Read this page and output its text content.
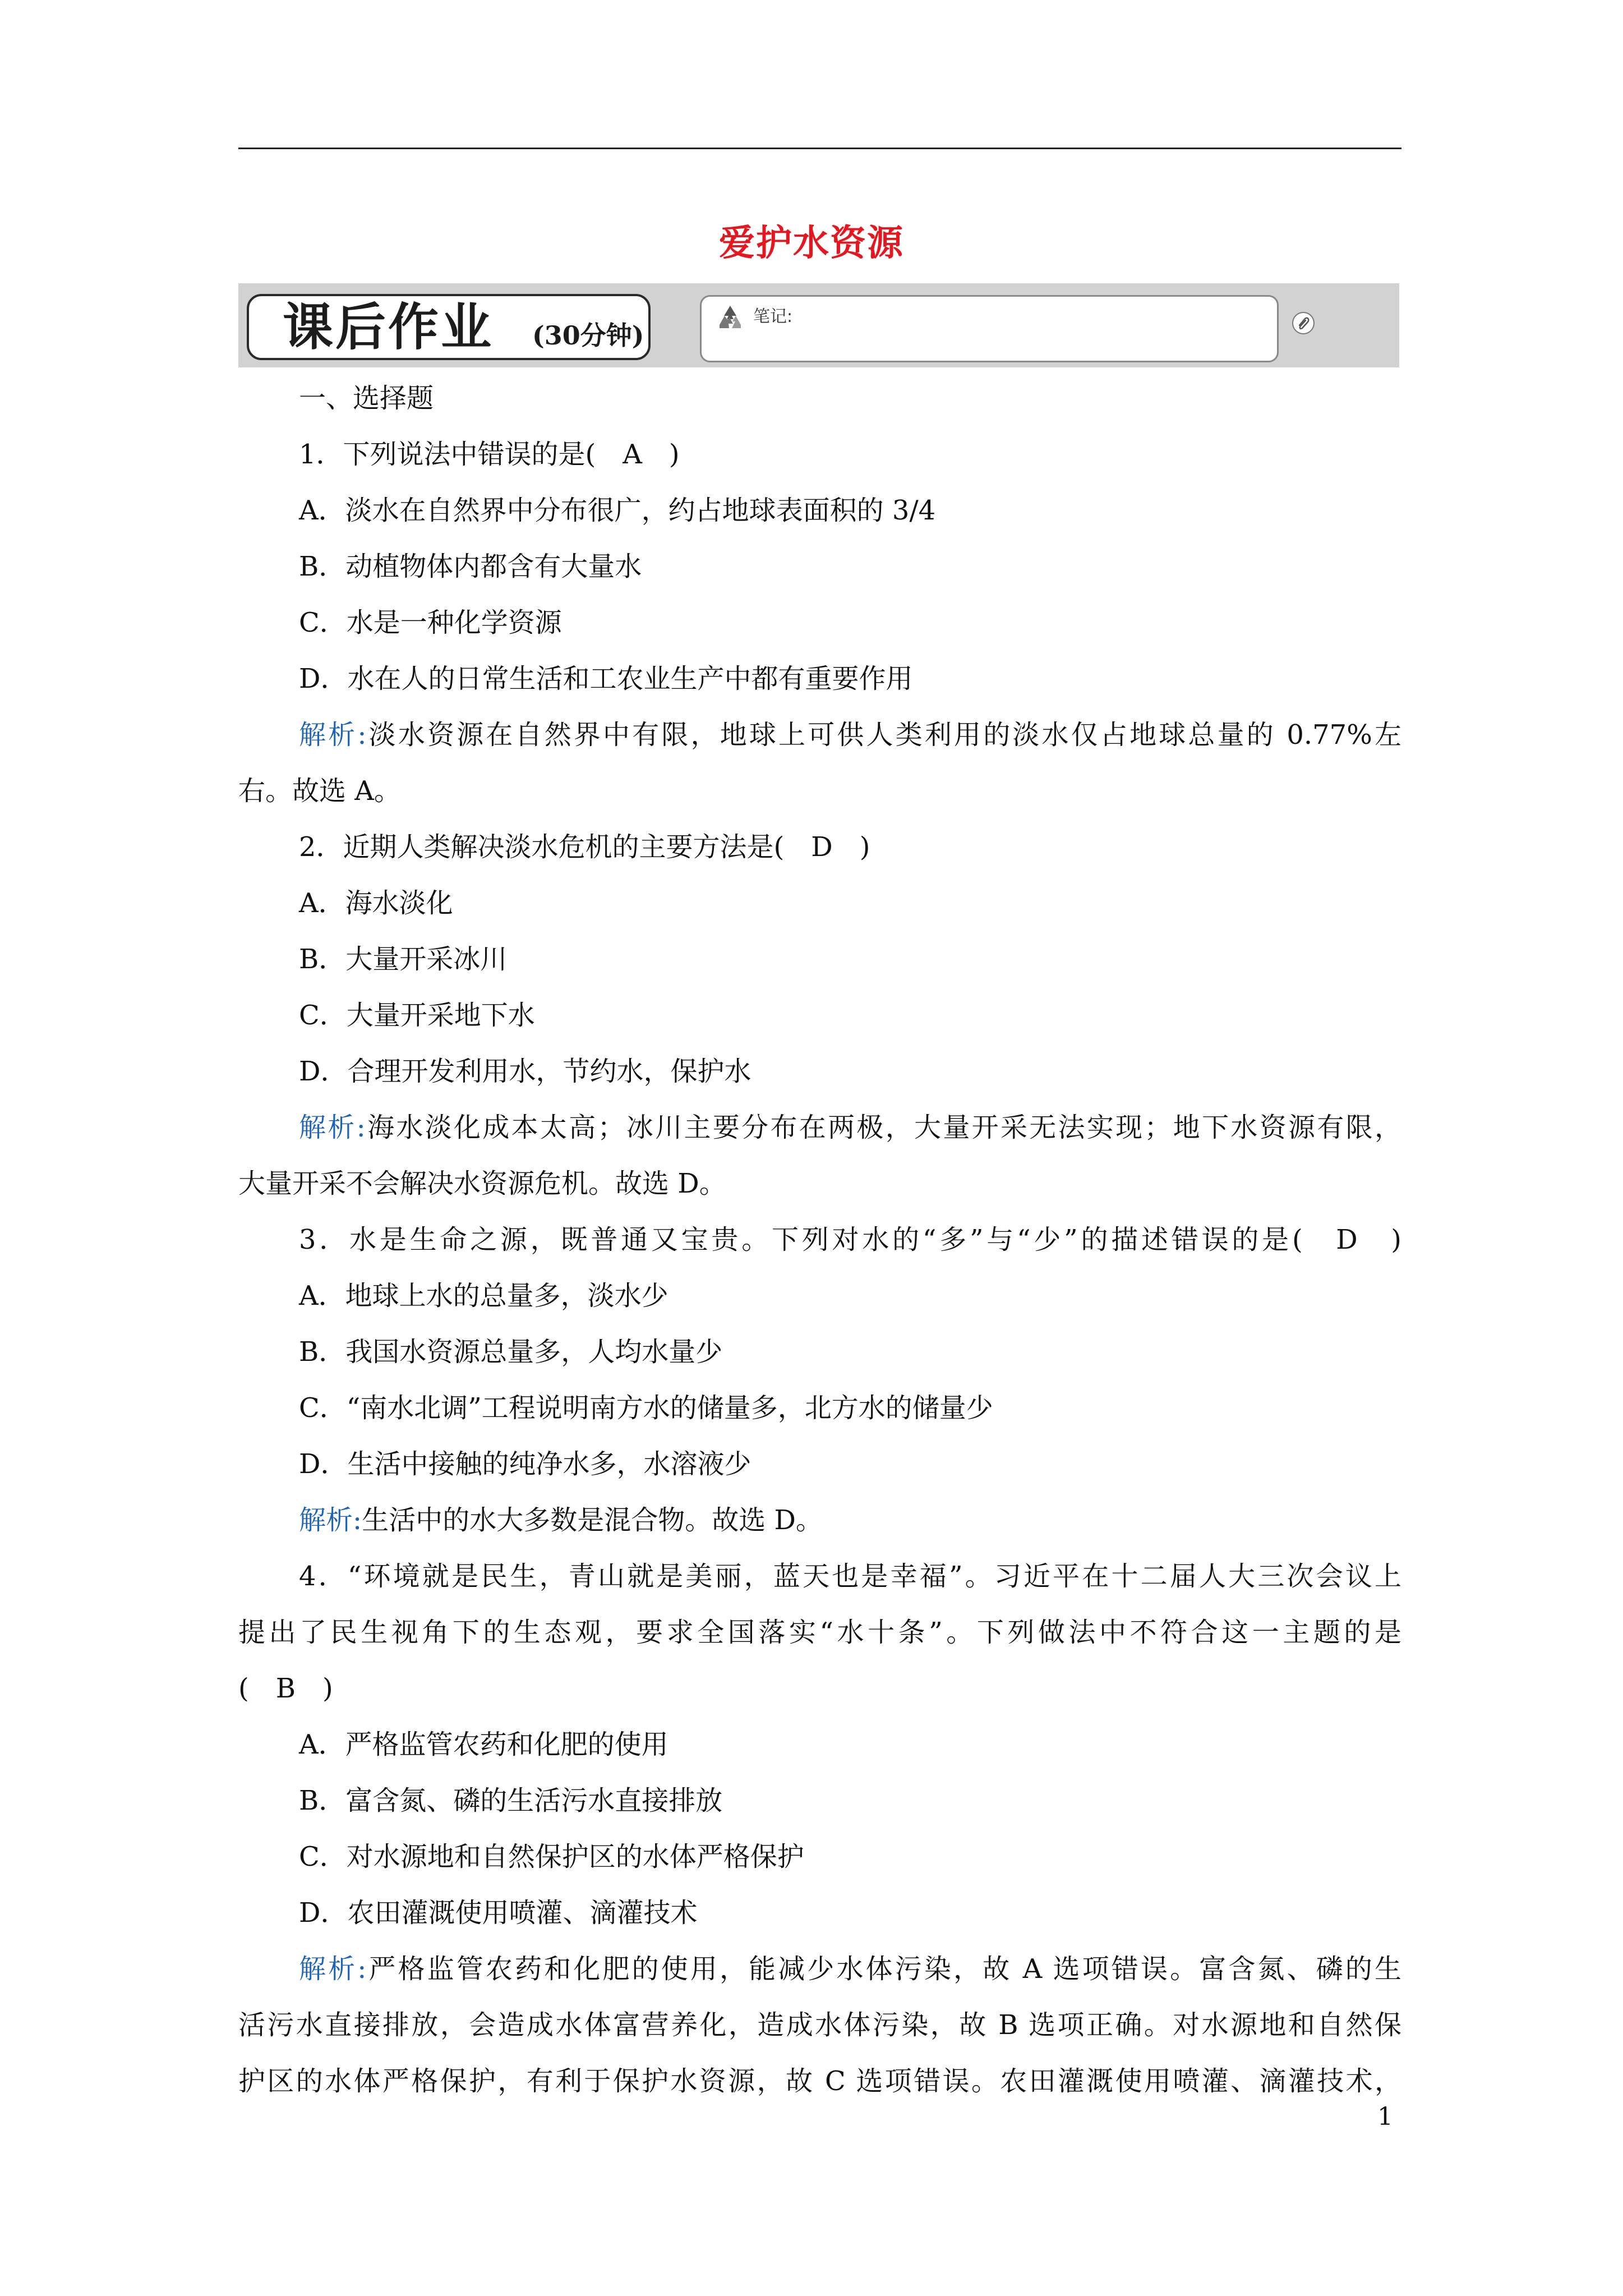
爱护水资源
课后作业 (30分钟)
笔记:
一、选择题
1．下列说法中错误的是(　A　)
A．淡水在自然界中分布很广，约占地球表面积的 3/4
B．动植物体内都含有大量水
C．水是一种化学资源
D．水在人的日常生活和工农业生产中都有重要作用
解析:淡水资源在自然界中有限，地球上可供人类利用的淡水仅占地球总量的 0.77%左
右。故选 A。
2．近期人类解决淡水危机的主要方法是(　D　)
A．海水淡化
B．大量开采冰川
C．大量开采地下水
D．合理开发利用水，节约水，保护水
解析:海水淡化成本太高；冰川主要分布在两极，大量开采无法实现；地下水资源有限，
大量开采不会解决水资源危机。故选 D。
3．水是生命之源，既普通又宝贵。下列对水的“多”与“少”的描述错误的是(　D　)
A．地球上水的总量多，淡水少
B．我国水资源总量多，人均水量少
C．“南水北调”工程说明南方水的储量多，北方水的储量少
D．生活中接触的纯净水多，水溶液少
解析:生活中的水大多数是混合物。故选 D。
4．“环境就是民生，青山就是美丽，蓝天也是幸福”。习近平在十二届人大三次会议上
提出了民生视角下的生态观，要求全国落实“水十条”。下列做法中不符合这一主题的是
(　B　)
A．严格监管农药和化肥的使用
B．富含氮、磷的生活污水直接排放
C．对水源地和自然保护区的水体严格保护
D．农田灌溉使用喷灌、滴灌技术
解析:严格监管农药和化肥的使用，能减少水体污染，故 A 选项错误。富含氮、磷的生
活污水直接排放，会造成水体富营养化，造成水体污染，故 B 选项正确。对水源地和自然保
护区的水体严格保护，有利于保护水资源，故 C 选项错误。农田灌溉使用喷灌、滴灌技术，
1
